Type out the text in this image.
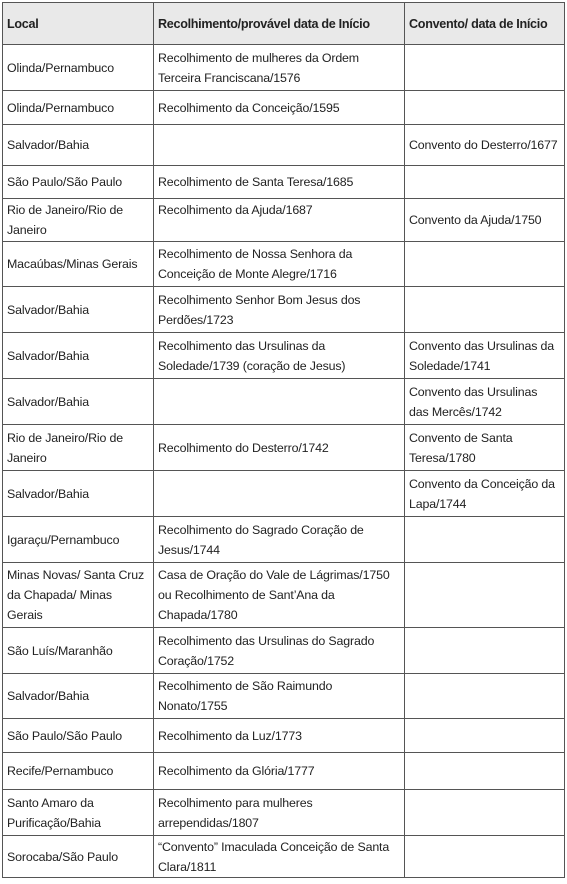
Local	Recolhimento/provável data de Início	Convento/ data de Início
Olinda/Pernambuco	Recolhimento de mulheres da Ordem Terceira Franciscana/1576	
Olinda/Pernambuco	Recolhimento da Conceição/1595	
Salvador/Bahia		Convento do Desterro/1677
São Paulo/São Paulo	Recolhimento de Santa Teresa/1685	
Rio de Janeiro/Rio de Janeiro	Recolhimento da Ajuda/1687	Convento da Ajuda/1750
Macaúbas/Minas Gerais	Recolhimento de Nossa Senhora da Conceição de Monte Alegre/1716	
Salvador/Bahia	Recolhimento Senhor Bom Jesus dos Perdões/1723	
Salvador/Bahia	Recolhimento das Ursulinas da Soledade/1739 (coração de Jesus)	Convento das Ursulinas da Soledade/1741
Salvador/Bahia		Convento das Ursulinas das Mercês/1742
Rio de Janeiro/Rio de Janeiro	Recolhimento do Desterro/1742	Convento de Santa Teresa/1780
Salvador/Bahia		Convento da Conceição da Lapa/1744
Igaraçu/Pernambuco	Recolhimento do Sagrado Coração de Jesus/1744	
Minas Novas/ Santa Cruz da Chapada/ Minas Gerais	Casa de Oração do Vale de Lágrimas/1750 ou Recolhimento de Sant’Ana da Chapada/1780	
São Luís/Maranhão	Recolhimento das Ursulinas do Sagrado Coração/1752	
Salvador/Bahia	Recolhimento de São Raimundo Nonato/1755	
São Paulo/São Paulo	Recolhimento da Luz/1773	
Recife/Pernambuco	Recolhimento da Glória/1777	
Santo Amaro da Purificação/Bahia	Recolhimento para mulheres arrependidas/1807	
Sorocaba/São Paulo	“Convento” Imaculada Conceição de Santa Clara/1811	
